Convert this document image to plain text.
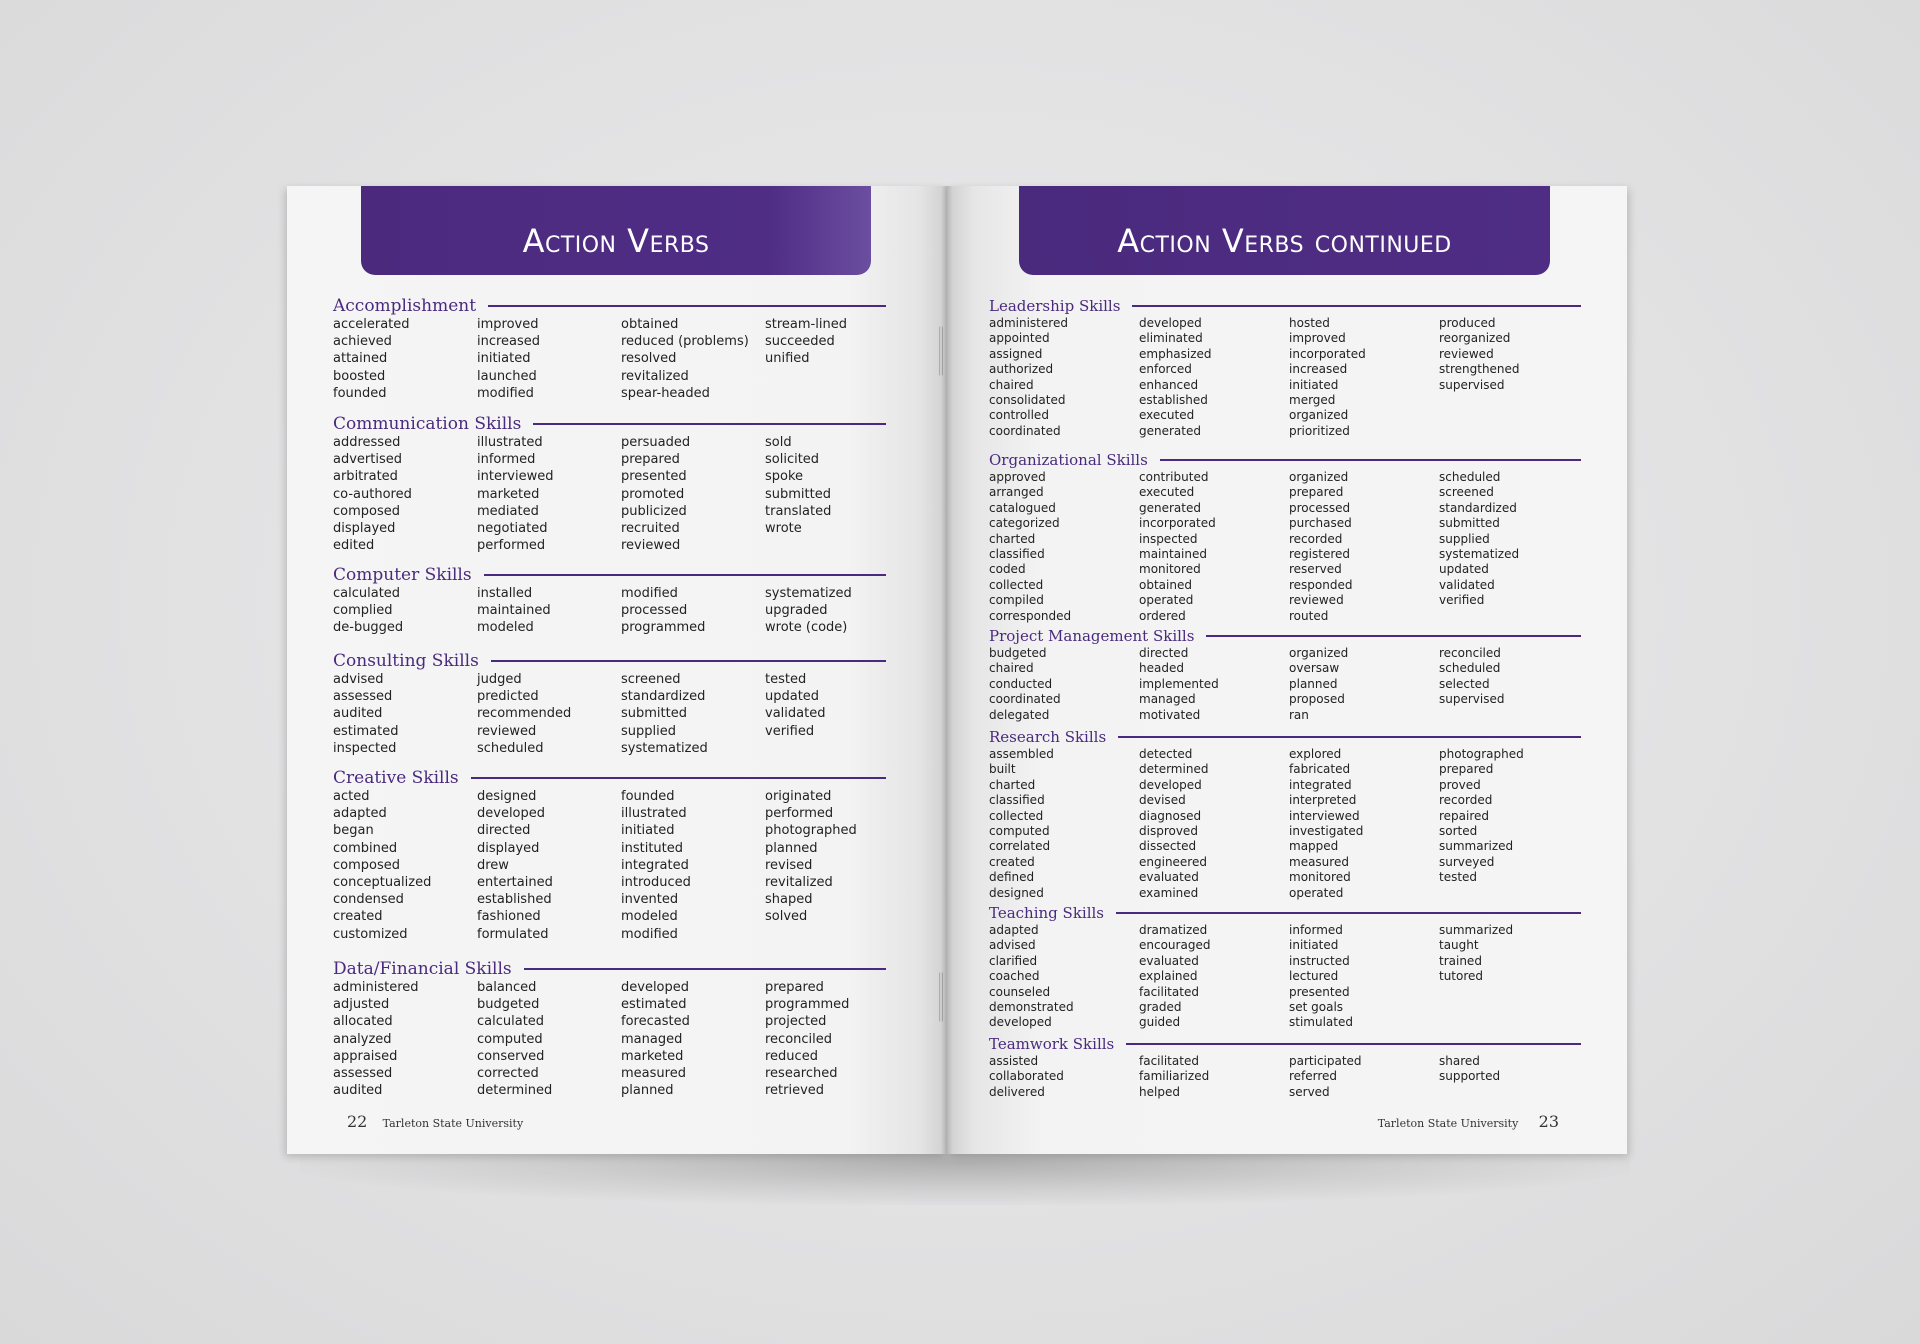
Action Verbs
22 Tarleton State University
Accomplishment
accelerated
achieved
attained
boosted
founded
improved
increased
initiated
launched
modified
obtained
reduced (problems)
resolved
revitalized
spear-headed
stream-lined
succeeded
unified
Communication Skills
addressed
advertised
arbitrated
co-authored
composed
displayed
edited
illustrated
informed
interviewed
marketed
mediated
negotiated
performed
persuaded
prepared
presented
promoted
publicized
recruited
reviewed
sold
solicited
spoke
submitted
translated
wrote
Computer Skills
calculated
complied
de-bugged
installed
maintained
modeled
modified
processed
programmed
systematized
upgraded
wrote (code)
Consulting Skills
advised
assessed
audited
estimated
inspected
judged
predicted
recommended
reviewed
scheduled
screened
standardized
submitted
supplied
systematized
tested
updated
validated
verified
Creative Skills
acted
adapted
began
combined
composed
conceptualized
condensed
created
customized
designed
developed
directed
displayed
drew
entertained
established
fashioned
formulated
founded
illustrated
initiated
instituted
integrated
introduced
invented
modeled
modified
originated
performed
photographed
planned
revised
revitalized
shaped
solved
Data/Financial Skills
administered
adjusted
allocated
analyzed
appraised
assessed
audited
balanced
budgeted
calculated
computed
conserved
corrected
determined
developed
estimated
forecasted
managed
marketed
measured
planned
prepared
programmed
projected
reconciled
reduced
researched
retrieved
Action Verbs continued
Tarleton State University 23
Leadership Skills
administered
appointed
assigned
authorized
chaired
consolidated
controlled
coordinated
developed
eliminated
emphasized
enforced
enhanced
established
executed
generated
hosted
improved
incorporated
increased
initiated
merged
organized
prioritized
produced
reorganized
reviewed
strengthened
supervised
Organizational Skills
approved
arranged
catalogued
categorized
charted
classified
coded
collected
compiled
corresponded
contributed
executed
generated
incorporated
inspected
maintained
monitored
obtained
operated
ordered
organized
prepared
processed
purchased
recorded
registered
reserved
responded
reviewed
routed
scheduled
screened
standardized
submitted
supplied
systematized
updated
validated
verified
Project Management Skills
budgeted
chaired
conducted
coordinated
delegated
directed
headed
implemented
managed
motivated
organized
oversaw
planned
proposed
ran
reconciled
scheduled
selected
supervised
Research Skills
assembled
built
charted
classified
collected
computed
correlated
created
defined
designed
detected
determined
developed
devised
diagnosed
disproved
dissected
engineered
evaluated
examined
explored
fabricated
integrated
interpreted
interviewed
investigated
mapped
measured
monitored
operated
photographed
prepared
proved
recorded
repaired
sorted
summarized
surveyed
tested
Teaching Skills
adapted
advised
clarified
coached
counseled
demonstrated
developed
dramatized
encouraged
evaluated
explained
facilitated
graded
guided
informed
initiated
instructed
lectured
presented
set goals
stimulated
summarized
taught
trained
tutored
Teamwork Skills
assisted
collaborated
delivered
facilitated
familiarized
helped
participated
referred
served
shared
supported
